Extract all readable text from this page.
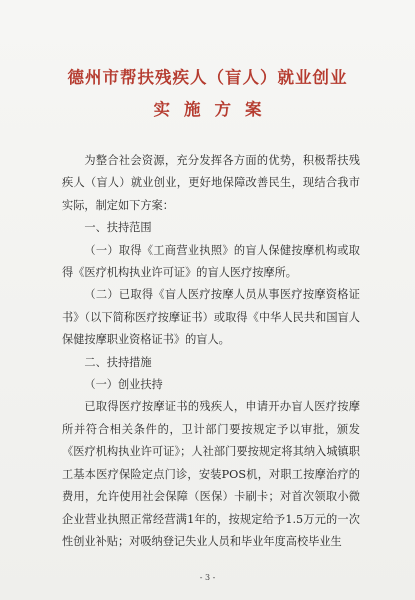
德州市帮扶残疾人（盲人）就业创业
实施方案

为整合社会资源，充分发挥各方面的优势，积极帮扶残疾人（盲人）就业创业，更好地保障改善民生，现结合我市实际，制定如下方案：

一、扶持范围

（一）取得《工商营业执照》的盲人保健按摩机构或取得《医疗机构执业许可证》的盲人医疗按摩所。

（二）已取得《盲人医疗按摩人员从事医疗按摩资格证书》（以下简称医疗按摩证书）或取得《中华人民共和国盲人保健按摩职业资格证书》的盲人。

二、扶持措施

（一）创业扶持

已取得医疗按摩证书的残疾人，申请开办盲人医疗按摩所并符合相关条件的，卫计部门要按规定予以审批，颁发《医疗机构执业许可证》；人社部门要按规定将其纳入城镇职工基本医疗保险定点门诊，安装POS机，对职工按摩治疗的费用，允许使用社会保障（医保）卡刷卡；对首次领取小微企业营业执照正常经营满1年的，按规定给予1.5万元的一次性创业补贴；对吸纳登记失业人员和毕业年度高校毕业生

- 3 -
